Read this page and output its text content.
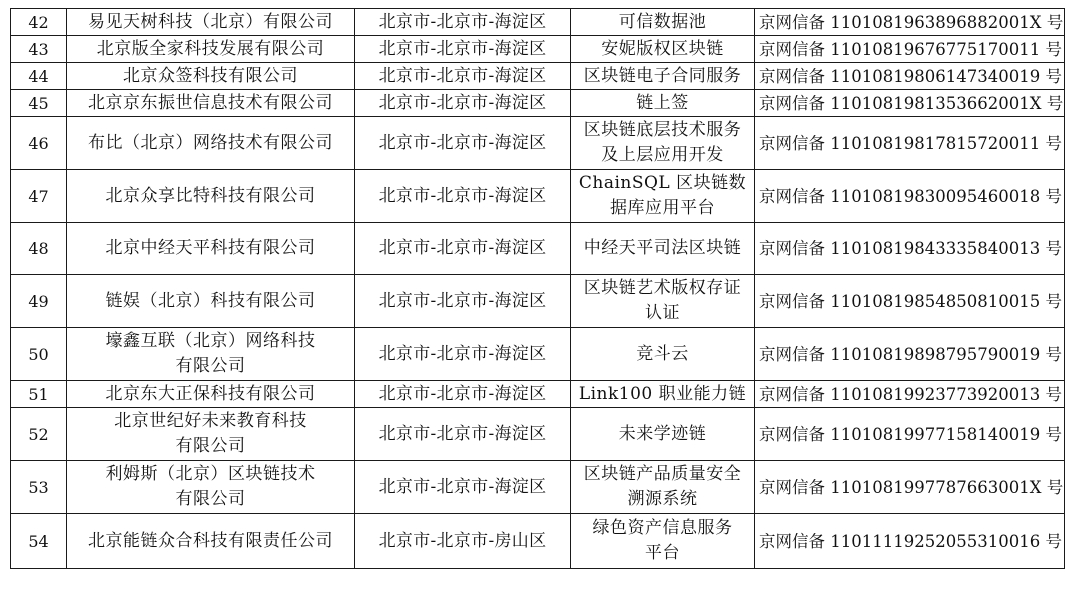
42	易见天树科技（北京）有限公司	北京市-北京市-海淀区	可信数据池	京网信备 1101081963896882001X 号
43	北京版全家科技发展有限公司	北京市-北京市-海淀区	安妮版权区块链	京网信备 11010819676775170011 号
44	北京众签科技有限公司	北京市-北京市-海淀区	区块链电子合同服务	京网信备 11010819806147340019 号
45	北京京东振世信息技术有限公司	北京市-北京市-海淀区	链上签	京网信备 1101081981353662001X 号
46	布比（北京）网络技术有限公司	北京市-北京市-海淀区	区块链底层技术服务
及上层应用开发	京网信备 11010819817815720011 号
47	北京众享比特科技有限公司	北京市-北京市-海淀区	ChainSQL 区块链数
据库应用平台	京网信备 11010819830095460018 号
48	北京中经天平科技有限公司	北京市-北京市-海淀区	中经天平司法区块链	京网信备 11010819843335840013 号
49	链娱（北京）科技有限公司	北京市-北京市-海淀区	区块链艺术版权存证
认证	京网信备 11010819854850810015 号
50	壕鑫互联（北京）网络科技
有限公司	北京市-北京市-海淀区	竞斗云	京网信备 11010819898795790019 号
51	北京东大正保科技有限公司	北京市-北京市-海淀区	Link100 职业能力链	京网信备 11010819923773920013 号
52	北京世纪好未来教育科技
有限公司	北京市-北京市-海淀区	未来学迹链	京网信备 11010819977158140019 号
53	利姆斯（北京）区块链技术
有限公司	北京市-北京市-海淀区	区块链产品质量安全
溯源系统	京网信备 1101081997787663001X 号
54	北京能链众合科技有限责任公司	北京市-北京市-房山区	绿色资产信息服务
平台	京网信备 11011119252055310016 号
